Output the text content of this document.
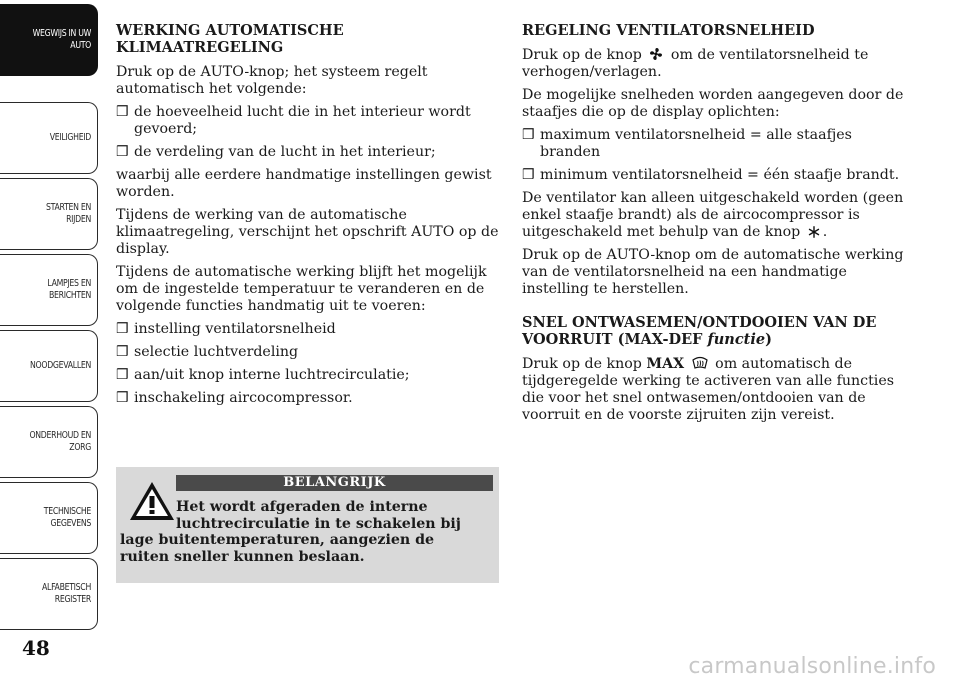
WEGWIJS IN UW
AUTO
VEILIGHEID
STARTEN EN
RIJDEN
LAMPJES EN
BERICHTEN
NOODGEVALLEN
ONDERHOUD EN
ZORG
TECHNISCHE
GEGEVENS
ALFABETISCH
REGISTER
48
WERKING AUTOMATISCHE KLIMAATREGELING

Druk op de AUTO-knop; het systeem regelt automatisch het volgende:

❒ de hoeveelheid lucht die in het interieur wordt gevoerd;
❒ de verdeling van de lucht in het interieur;

waarbij alle eerdere handmatige instellingen gewist worden.

Tijdens de werking van de automatische klimaatregeling, verschijnt het opschrift AUTO op de display.

Tijdens de automatische werking blijft het mogelijk om de ingestelde temperatuur te veranderen en de volgende functies handmatig uit te voeren:

❒ instelling ventilatorsnelheid
❒ selectie luchtverdeling
❒ aan/uit knop interne luchtrecirculatie;
❒ inschakeling aircocompressor.
BELANGRIJK
Het wordt afgeraden de interne
luchtrecirculatie in te schakelen bij
lage buitentemperaturen, aangezien de
ruiten sneller kunnen beslaan.
REGELING VENTILATORSNELHEID

Druk op de knop om de ventilatorsnelheid te verhogen/verlagen.

De mogelijke snelheden worden aangegeven door de staafjes die op de display oplichten:

❒ maximum ventilatorsnelheid = alle staafjes branden
❒ minimum ventilatorsnelheid = één staafje brandt.

De ventilator kan alleen uitgeschakeld worden (geen enkel staafje brandt) als de aircocompressor is uitgeschakeld met behulp van de knop .

Druk op de AUTO-knop om de automatische werking van de ventilatorsnelheid na een handmatige instelling te herstellen.

SNEL ONTWASEMEN/ONTDOOIEN VAN DE VOORRUIT (MAX-DEF functie)

Druk op de knop MAX om automatisch de tijdgeregelde werking te activeren van alle functies die voor het snel ontwasemen/ontdooien van de voorruit en de voorste zijruiten zijn vereist.

carmanualsonline.info
